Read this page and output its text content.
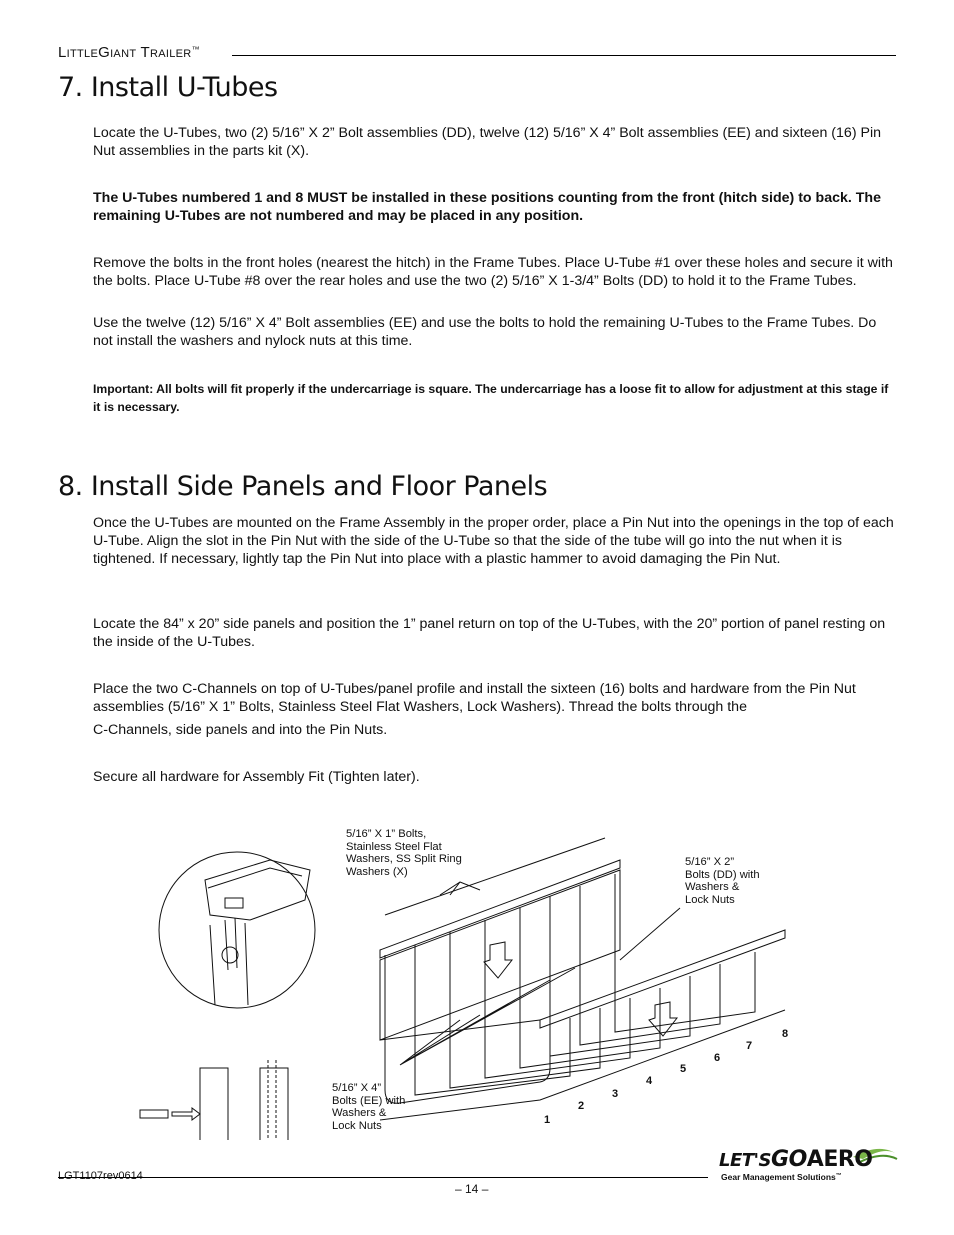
LITTLEGIANT TRAILER™
7. Install U-Tubes

Locate the U-Tubes, two (2) 5/16” X 2” Bolt assemblies (DD), twelve (12) 5/16” X 4” Bolt assemblies (EE) and sixteen (16) Pin Nut assemblies in the parts kit (X).

The U-Tubes numbered 1 and 8 MUST be installed in these positions counting from the front (hitch side) to back. The remaining U-Tubes are not numbered and may be placed in any position.

Remove the bolts in the front holes (nearest the hitch) in the Frame Tubes. Place U-Tube #1 over these holes and secure it with the bolts. Place U-Tube #8 over the rear holes and use the two (2) 5/16” X 1-3/4” Bolts (DD) to hold it to the Frame Tubes.

Use the twelve (12) 5/16” X 4” Bolt assemblies (EE) and use the bolts to hold the remaining U-Tubes to the Frame Tubes. Do not install the washers and nylock nuts at this time.

Important: All bolts will fit properly if the undercarriage is square. The undercarriage has a loose fit to allow for adjustment at this stage if it is necessary.

8. Install Side Panels and Floor Panels

Once the U-Tubes are mounted on the Frame Assembly in the proper order, place a Pin Nut into the openings in the top of each U-Tube. Align the slot in the Pin Nut with the side of the U-Tube so that the side of the tube will go into the nut when it is tightened. If necessary, lightly tap the Pin Nut into place with a plastic hammer to avoid damaging the Pin Nut.

Locate the 84” x 20” side panels and position the 1” panel return on top of the U-Tubes, with the 20” portion of panel resting on the inside of the U-Tubes.

Place the two C-Channels on top of U-Tubes/panel profile and install the sixteen (16) bolts and hardware from the Pin Nut assemblies (5/16” X 1” Bolts, Stainless Steel Flat Washers, Lock Washers). Thread the bolts through the

C-Channels, side panels and into the Pin Nuts.

Secure all hardware for Assembly Fit (Tighten later).

5/16” X 1” Bolts,
Stainless Steel Flat
Washers, SS Split Ring
Washers (X)
5/16” X 2”
Bolts (DD) with
Washers &
Lock Nuts
5/16” X 4”
Bolts (EE) with
Washers &
Lock Nuts	1
2
3
4
5
6
7
8
LGT1107rev0614
– 14 –
LET'SGOAERO
Gear Management Solutions™
